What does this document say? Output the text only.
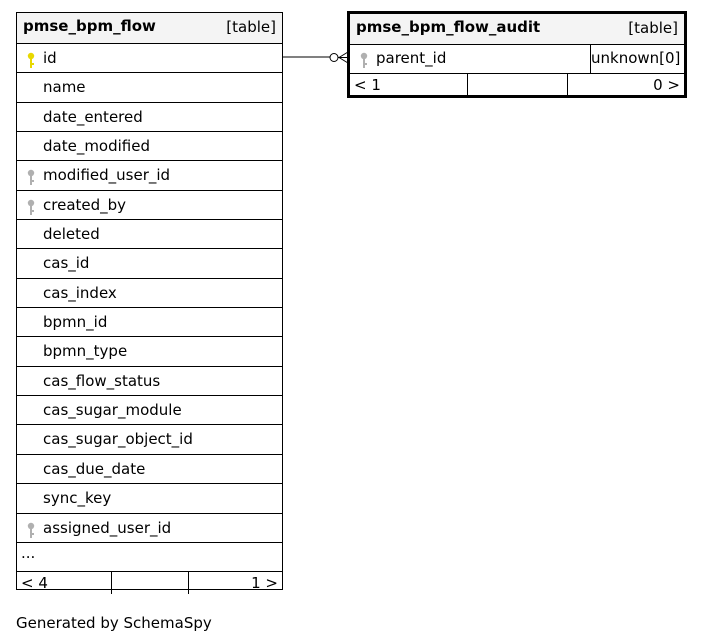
pmse_bpm_flow	[table]
id
name
date_entered
date_modified
modified_user_id
created_by
deleted
cas_id
cas_index
bpmn_id
bpmn_type
cas_flow_status
cas_sugar_module
cas_sugar_object_id
cas_due_date
sync_key
assigned_user_id
...
< 4	1 >
pmse_bpm_flow_audit	[table]
parent_id	unknown[0]
< 1	0 >
Generated by SchemaSpy
